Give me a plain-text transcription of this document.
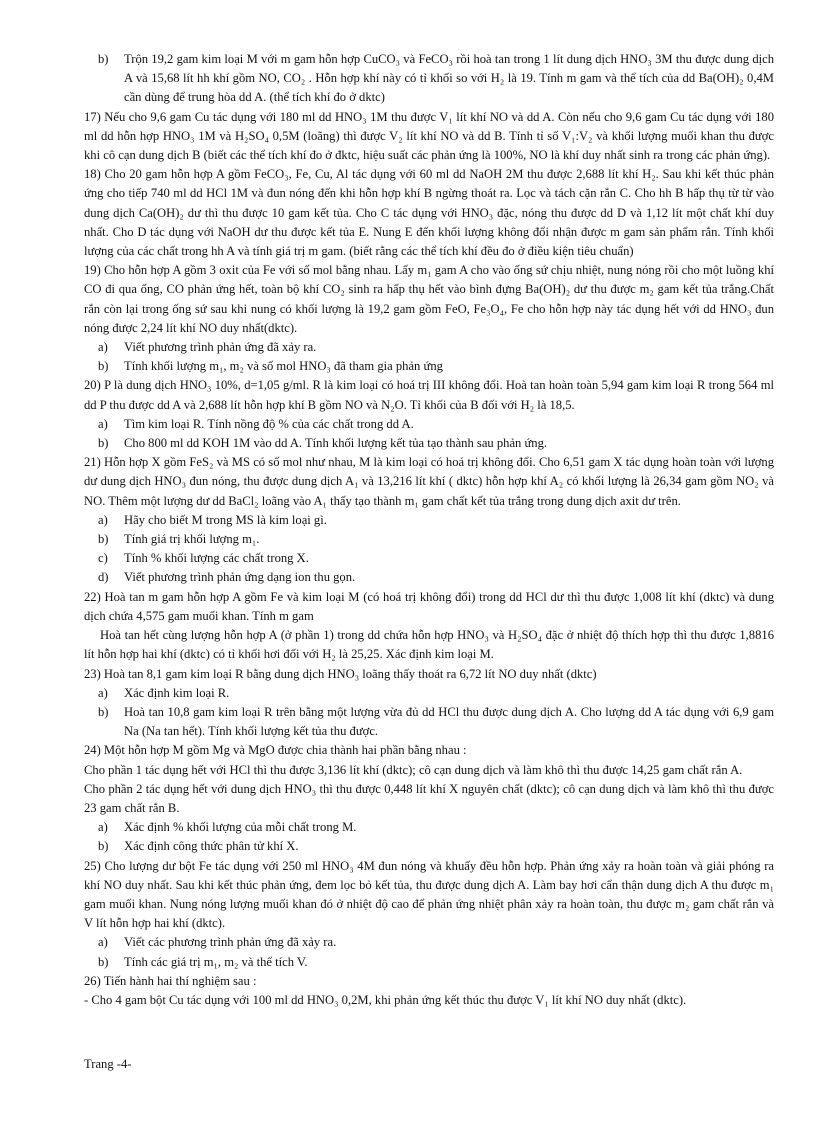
b) Trộn 19,2 gam kim loại M với m gam hỗn hợp CuCO₃ và FeCO₃ rồi hoà tan trong 1 lít dung dịch HNO₃ 3M thu được dung dịch A và 15,68 lít hh khí gồm NO, CO₂ . Hỗn hợp khí này có tỉ khối so với H₂ là 19. Tính m gam và thể tích của dd Ba(OH)₂ 0,4M cần dùng để trung hòa dd A. (thể tích khí đo ở dktc)
17) Nếu cho 9,6 gam Cu tác dụng với 180 ml dd HNO₃ 1M thu được V₁ lít khí NO và dd A. Còn nếu cho 9,6 gam Cu tác dụng với 180 ml dd hỗn hợp HNO₃ 1M và H₂SO₄ 0,5M (loãng) thì được V₂ lít khí NO và dd B. Tính tỉ số V₁:V₂ và khối lượng muối khan thu được khi cô cạn dung dịch B (biết các thể tích khí đo ở đktc, hiệu suất các phản ứng là 100%, NO là khí duy nhất sinh ra trong các phản ứng).
18) Cho 20 gam hỗn hợp A gồm FeCO₃, Fe, Cu, Al tác dụng với 60 ml dd NaOH 2M thu được 2,688 lít khí H₂. Sau khi kết thúc phản ứng cho tiếp 740 ml dd HCl 1M và đun nóng đến khi hỗn hợp khí B ngừng thoát ra. Lọc và tách cặn rắn C. Cho hh B hấp thụ từ từ vào dung dịch Ca(OH)₂ dư thì thu được 10 gam kết tủa. Cho C tác dụng với HNO₃ đặc, nóng thu được dd D và 1,12 lít một chất khí duy nhất. Cho D tác dụng với NaOH dư thu được kết tủa E. Nung E đến khối lượng không đổi nhận được m gam sản phẩm rắn. Tính khối lượng của các chất trong hh A và tính giá trị m gam. (biết rằng các thể tích khí đều đo ở điều kiện tiêu chuẩn)
19) Cho hỗn hợp A gồm 3 oxit của Fe với số mol bằng nhau. Lấy m₁ gam A cho vào ống sứ chịu nhiệt, nung nóng rồi cho một luồng khí CO đi qua ống, CO phản ứng hết, toàn bộ khí CO₂ sinh ra hấp thụ hết vào bình đựng Ba(OH)₂ dư thu được m₂ gam kết tủa trắng.Chất rắn còn lại trong ống sứ sau khi nung có khối lượng là 19,2 gam gồm FeO, Fe₃O₄, Fe cho hỗn hợp này tác dụng hết với dd HNO₃ đun nóng được 2,24 lít khí NO duy nhất(dktc).
a) Viết phương trình phản ứng đã xảy ra.
b) Tính khối lượng m₁, m₂ và số mol HNO₃ đã tham gia phản ứng
20) P là dung dịch HNO₃ 10%, d=1,05 g/ml. R là kim loại có hoá trị III không đổi. Hoà tan hoàn toàn 5,94 gam kim loại R trong 564 ml dd P thu được dd A và 2,688 lít hỗn hợp khí B gồm NO và N₂O. Tỉ khối của B đối với H₂ là 18,5.
a) Tìm kim loại R. Tính nồng độ % của các chất trong dd A.
b) Cho 800 ml dd KOH 1M vào dd A. Tính khối lượng kết tủa tạo thành sau phản ứng.
21) Hỗn hợp X gồm FeS₂ và MS có số mol như nhau, M là kim loại có hoá trị không đổi. Cho 6,51 gam X tác dụng hoàn toàn với lượng dư dung dịch HNO₃ đun nóng, thu được dung dịch A₁ và 13,216 lít khí ( dktc) hỗn hợp khí A₂ có khối lượng là 26,34 gam gồm NO₂ và NO. Thêm một lượng dư dd BaCl₂ loãng vào A₁ thấy tạo thành m₁ gam chất kết tủa trắng trong dung dịch axit dư trên.
a) Hãy cho biết M trong MS là kim loại gì.
b) Tính giá trị khối lượng m₁.
c) Tính % khối lượng các chất trong X.
d) Viết phương trình phản ứng dạng ion thu gọn.
22) Hoà tan m gam hỗn hợp A gồm Fe và kim loại M (có hoá trị không đổi) trong dd HCl dư thì thu được 1,008 lít khí (dktc) và dung dịch chứa 4,575 gam muối khan. Tính m gam
Hoà tan hết cùng lượng hỗn hợp A (ở phần 1) trong dd chứa hỗn hợp HNO₃ và H₂SO₄ đặc ở nhiệt độ thích hợp thì thu được 1,8816 lít hỗn hợp hai khí (dktc) có tỉ khối hơi đối với H₂ là 25,25. Xác định kim loại M.
23) Hoà tan 8,1 gam kim loại R bằng dung dịch HNO₃ loãng thấy thoát ra 6,72 lít NO duy nhất (dktc)
a) Xác định kim loại R.
b) Hoà tan 10,8 gam kim loại R trên bằng một lượng vừa đủ dd HCl thu được dung dịch A. Cho lượng dd A tác dụng với 6,9 gam Na (Na tan hết). Tính khối lượng kết tủa thu được.
24) Một hỗn hợp M gồm Mg và MgO được chia thành hai phần bằng nhau :
Cho phần 1 tác dụng hết với HCl thì thu được 3,136 lít khí (dktc); cô cạn dung dịch và làm khô thì thu được 14,25 gam chất rắn A.
Cho phần 2 tác dụng hết với dung dịch HNO₃ thì thu được 0,448 lít khí X nguyên chất (dktc); cô cạn dung dịch và làm khô thì thu được 23 gam chất rắn B.
a) Xác định % khối lượng của mỗi chất trong M.
b) Xác định công thức phân tử khí X.
25) Cho lượng dư bột Fe tác dụng với 250 ml HNO₃ 4M đun nóng và khuấy đều hỗn hợp. Phản ứng xảy ra hoàn toàn và giải phóng ra khí NO duy nhất. Sau khi kết thúc phản ứng, đem lọc bỏ kết tủa, thu được dung dịch A. Làm bay hơi cẩn thận dung dịch A thu được m₁ gam muối khan. Nung nóng lượng muối khan đó ở nhiệt độ cao để phản ứng nhiệt phân xảy ra hoàn toàn, thu được m₂ gam chất rắn và V lít hỗn hợp hai khí (dktc).
a) Viết các phương trình phản ứng đã xảy ra.
b) Tính các giá trị m₁, m₂ và thể tích V.
26) Tiến hành hai thí nghiệm sau :
- Cho 4 gam bột Cu tác dụng với 100 ml dd HNO₃ 0,2M, khi phản ứng kết thúc thu được V₁ lít khí NO duy nhất (dktc).
Trang -4-
